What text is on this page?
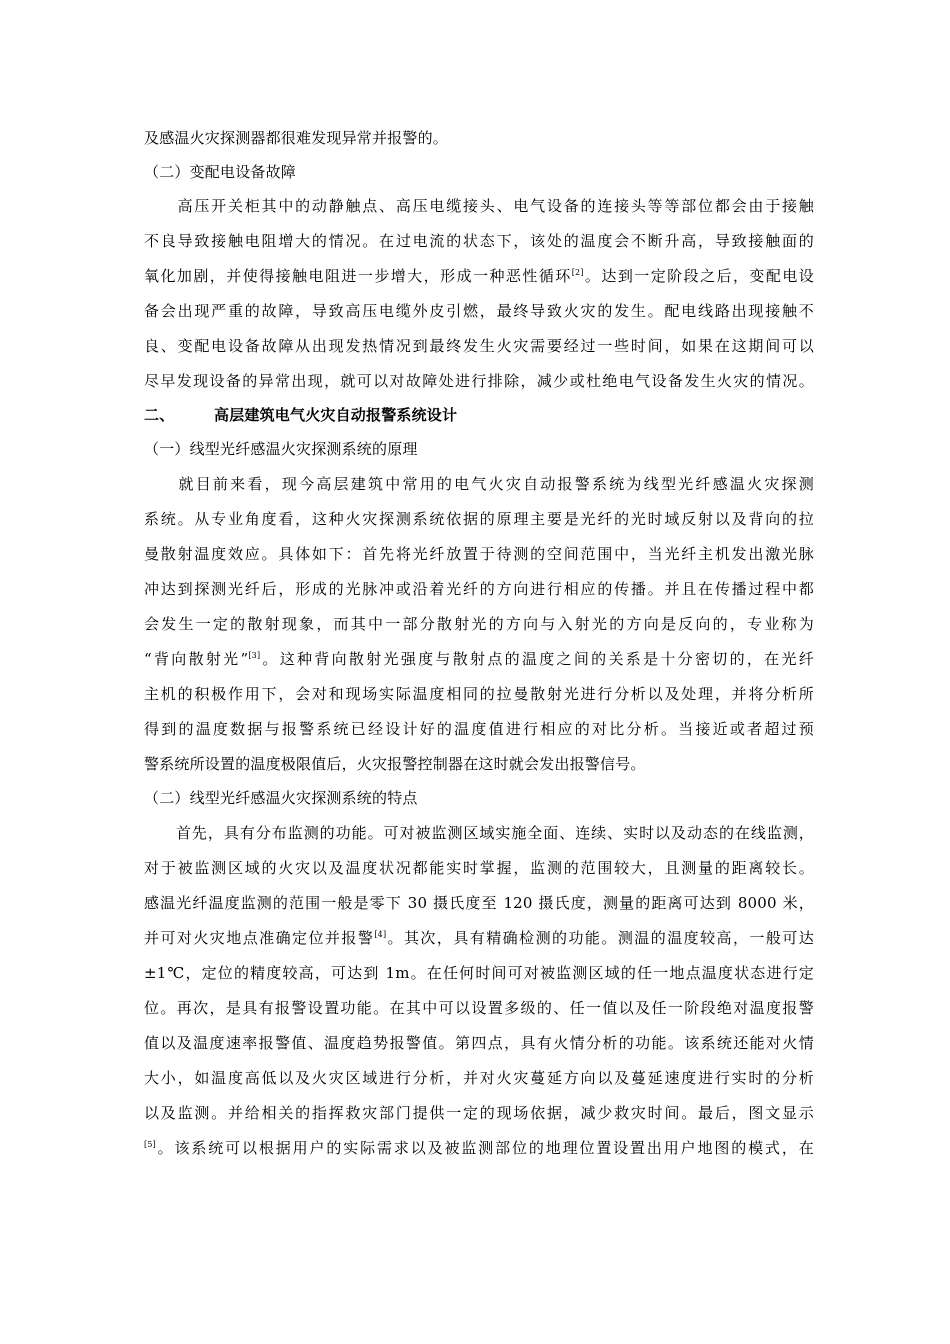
及感温火灾探测器都很难发现异常并报警的。
（二）变配电设备故障
　　高压开关柜其中的动静触点、高压电缆接头、电气设备的连接头等等部位都会由于接触
不良导致接触电阻增大的情况。在过电流的状态下，该处的温度会不断升高，导致接触面的
氧化加剧，并使得接触电阻进一步增大，形成一种恶性循环[2]。达到一定阶段之后，变配电设
备会出现严重的故障，导致高压电缆外皮引燃，最终导致火灾的发生。配电线路出现接触不
良、变配电设备故障从出现发热情况到最终发生火灾需要经过一些时间，如果在这期间可以
尽早发现设备的异常出现，就可以对故障处进行排除，减少或杜绝电气设备发生火灾的情况。
二、	高层建筑电气火灾自动报警系统设计
（一）线型光纤感温火灾探测系统的原理
　　就目前来看，现今高层建筑中常用的电气火灾自动报警系统为线型光纤感温火灾探测
系统。从专业角度看，这种火灾探测系统依据的原理主要是光纤的光时域反射以及背向的拉
曼散射温度效应。具体如下：首先将光纤放置于待测的空间范围中，当光纤主机发出激光脉
冲达到探测光纤后，形成的光脉冲或沿着光纤的方向进行相应的传播。并且在传播过程中都
会发生一定的散射现象，而其中一部分散射光的方向与入射光的方向是反向的，专业称为
“背向散射光”[3]。这种背向散射光强度与散射点的温度之间的关系是十分密切的，在光纤
主机的积极作用下，会对和现场实际温度相同的拉曼散射光进行分析以及处理，并将分析所
得到的温度数据与报警系统已经设计好的温度值进行相应的对比分析。当接近或者超过预
警系统所设置的温度极限值后，火灾报警控制器在这时就会发出报警信号。
（二）线型光纤感温火灾探测系统的特点
　　首先，具有分布监测的功能。可对被监测区域实施全面、连续、实时以及动态的在线监测，
对于被监测区域的火灾以及温度状况都能实时掌握，监测的范围较大，且测量的距离较长。
感温光纤温度监测的范围一般是零下 30 摄氏度至 120 摄氏度，测量的距离可达到 8000 米，
并可对火灾地点准确定位并报警[4]。其次，具有精确检测的功能。测温的温度较高，一般可达
±1℃，定位的精度较高，可达到 1m。在任何时间可对被监测区域的任一地点温度状态进行定
位。再次，是具有报警设置功能。在其中可以设置多级的、任一值以及任一阶段绝对温度报警
值以及温度速率报警值、温度趋势报警值。第四点，具有火情分析的功能。该系统还能对火情
大小，如温度高低以及火灾区域进行分析，并对火灾蔓延方向以及蔓延速度进行实时的分析
以及监测。并给相关的指挥救灾部门提供一定的现场依据，减少救灾时间。最后，图文显示
[5]。该系统可以根据用户的实际需求以及被监测部位的地理位置设置出用户地图的模式，在
